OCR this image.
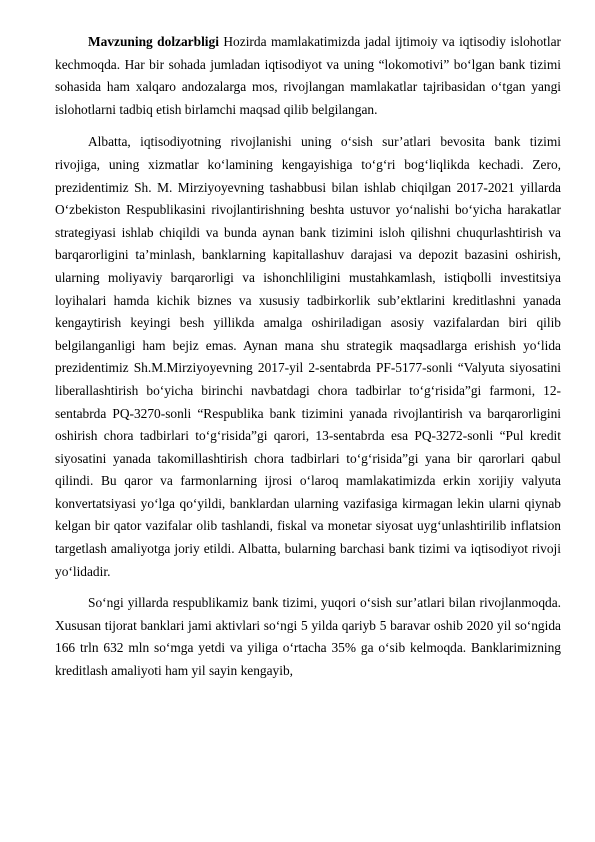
Mavzuning dolzarbligi Hozirda mamlakatimizda jadal ijtimoiy va iqtisodiy islohotlar kechmoqda. Har bir sohada jumladan iqtisodiyot va uning “lokomotivi” bo‘lgan bank tizimi sohasida ham xalqaro andozalarga mos, rivojlangan mamlakatlar tajribasidan o‘tgan yangi islohotlarni tadbiq etish birlamchi maqsad qilib belgilangan.

Albatta, iqtisodiyotning rivojlanishi uning o‘sish sur’atlari bevosita bank tizimi rivojiga, uning xizmatlar ko‘lamining kengayishiga to‘g‘ri bog‘liqlikda kechadi. Zero, prezidentimiz Sh. M. Mirziyoyevning tashabbusi bilan ishlab chiqilgan 2017-2021 yillarda O‘zbekiston Respublikasini rivojlantirishning beshta ustuvor yo‘nalishi bo‘yicha harakatlar strategiyasi ishlab chiqildi va bunda aynan bank tizimini isloh qilishni chuqurlashtirish va barqarorligini ta’minlash, banklarning kapitallashuv darajasi va depozit bazasini oshirish, ularning moliyaviy barqarorligi va ishonchliligini mustahkamlash, istiqbolli investitsiya loyihalari hamda kichik biznes va xususiy tadbirkorlik sub’ektlarini kreditlashni yanada kengaytirish keyingi besh yillikda amalga oshiriladigan asosiy vazifalardan biri qilib belgilanganligi ham bejiz emas. Aynan mana shu strategik maqsadlarga erishish yo‘lida prezidentimiz Sh.M.Mirziyoyevning 2017-yil 2-sentabrda PF-5177-sonli “Valyuta siyosatini liberallashtirish bo‘yicha birinchi navbatdagi chora tadbirlar to‘g‘risida”gi farmoni, 12-sentabrda PQ-3270-sonli “Respublika bank tizimini yanada rivojlantirish va barqarorligini oshirish chora tadbirlari to‘g‘risida”gi qarori, 13-sentabrda esa PQ-3272-sonli “Pul kredit siyosatini yanada takomillashtirish chora tadbirlari to‘g‘risida”gi yana bir qarorlari qabul qilindi. Bu qaror va farmonlarning ijrosi o‘laroq mamlakatimizda erkin xorijiy valyuta konvertatsiyasi yo‘lga qo‘yildi, banklardan ularning vazifasiga kirmagan lekin ularni qiynab kelgan bir qator vazifalar olib tashlandi, fiskal va monetar siyosat uyg‘unlashtirilib inflatsion targetlash amaliyotga joriy etildi. Albatta, bularning barchasi bank tizimi va iqtisodiyot rivoji yo‘lidadir.

So‘ngi yillarda respublikamiz bank tizimi, yuqori o‘sish sur’atlari bilan rivojlanmoqda. Xususan tijorat banklari jami aktivlari so‘ngi 5 yilda qariyb 5 baravar oshib 2020 yil so‘ngida 166 trln 632 mln so‘mga yetdi va yiliga o‘rtacha 35% ga o‘sib kelmoqda. Banklarimizning kreditlash amaliyoti ham yil sayin kengayib,
